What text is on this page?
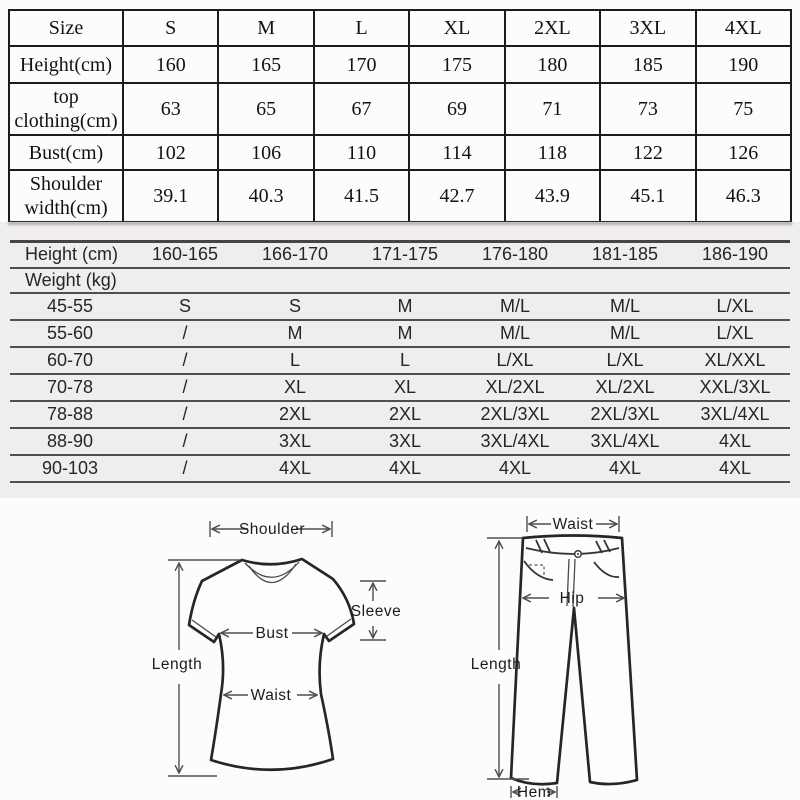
Size	S	M	L	XL	2XL	3XL	4XL
Height(cm)	160	165	170	175	180	185	190
top clothing(cm)	63	65	67	69	71	73	75
Bust(cm)	102	106	110	114	118	122	126
Shoulder width(cm)	39.1	40.3	41.5	42.7	43.9	45.1	46.3
Height (cm)	160-165	166-170	171-175	176-180	181-185	186-190
Weight (kg)						
45-55	S	S	M	M/L	M/L	L/XL
55-60	/	M	M	M/L	M/L	L/XL
60-70	/	L	L	L/XL	L/XL	XL/XXL
70-78	/	XL	XL	XL/2XL	XL/2XL	XXL/3XL
78-88	/	2XL	2XL	2XL/3XL	2XL/3XL	3XL/4XL
88-90	/	3XL	3XL	3XL/4XL	3XL/4XL	4XL
90-103	/	4XL	4XL	4XL	4XL	4XL
Shoulder
Length
Sleeve
Bust
Waist
Waist
Hip
Length
Hem
